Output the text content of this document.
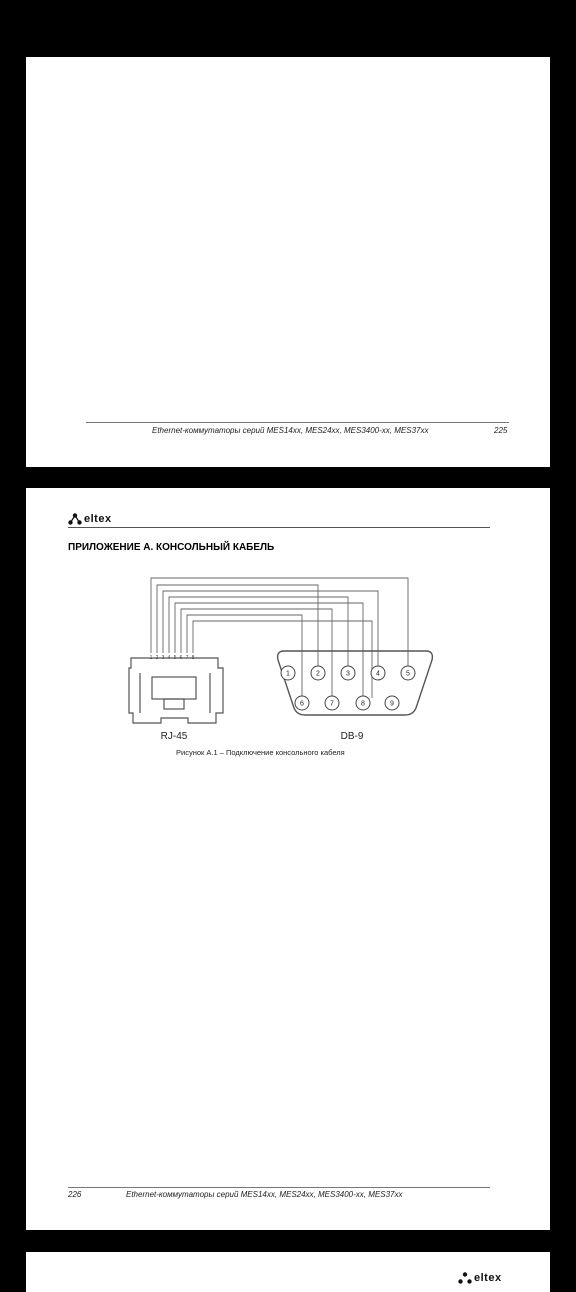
Ethernet-коммутаторы серий MES14xx, MES24xx, MES3400-xx, MES37xx	225
eltex
ПРИЛОЖЕНИЕ А. КОНСОЛЬНЫЙ КАБЕЛЬ
1 2 3 4 5 6 7 8
RJ-45
1	2	3	4	5
6	7	8	9
DB-9
Рисунок А.1 – Подключение консольного кабеля
226	Ethernet-коммутаторы серий MES14xx, MES24xx, MES3400-xx, MES37xx
eltex
